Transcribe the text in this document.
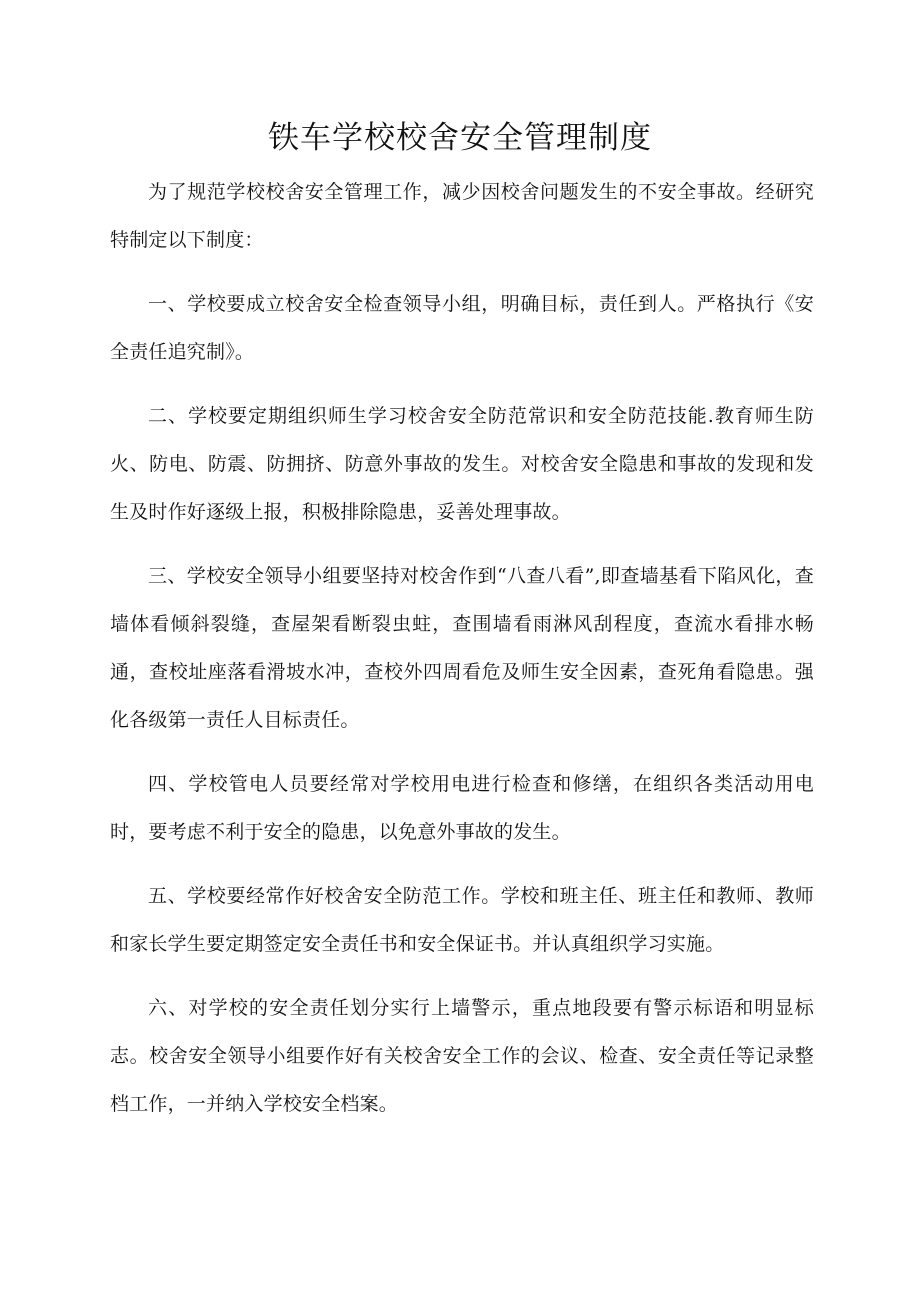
铁车学校校舍安全管理制度

为了规范学校校舍安全管理工作，减少因校舍问题发生的不安全事故。经研究特制定以下制度：

一、学校要成立校舍安全检查领导小组，明确目标，责任到人。严格执行《安全责任追究制》。

二、学校要定期组织师生学习校舍安全防范常识和安全防范技能.教育师生防火、防电、防震、防拥挤、防意外事故的发生。对校舍安全隐患和事故的发现和发生及时作好逐级上报，积极排除隐患，妥善处理事故。

三、学校安全领导小组要坚持对校舍作到“八查八看”,即查墙基看下陷风化，查墙体看倾斜裂缝，查屋架看断裂虫蛀，查围墙看雨淋风刮程度，查流水看排水畅通，查校址座落看滑坡水冲，查校外四周看危及师生安全因素，查死角看隐患。强化各级第一责任人目标责任。

四、学校管电人员要经常对学校用电进行检查和修缮，在组织各类活动用电时，要考虑不利于安全的隐患，以免意外事故的发生。

五、学校要经常作好校舍安全防范工作。学校和班主任、班主任和教师、教师和家长学生要定期签定安全责任书和安全保证书。并认真组织学习实施。

六、对学校的安全责任划分实行上墙警示，重点地段要有警示标语和明显标志。校舍安全领导小组要作好有关校舍安全工作的会议、检查、安全责任等记录整档工作，一并纳入学校安全档案。
